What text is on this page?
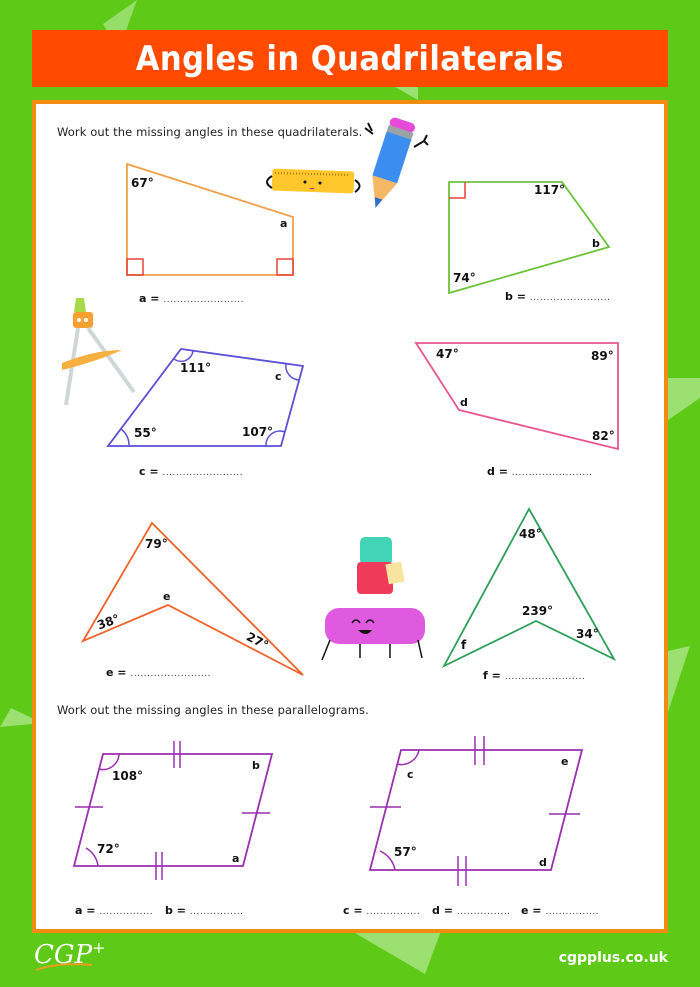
Angles in Quadrilaterals
Work out the missing angles in these quadrilaterals.
67°
a
a = ........................
117°
b
74°
b = ........................
111°
c
55°	107°
c = ........................
47°	89°
d
82°
d = ........................
79°
e
38°
27°
e = ........................
48°
239°
f
34°
f = ........................
Work out the missing angles in these parallelograms.
108°
b
72°
a
a = ................ b = ................
c
e
57°
d
c = ................ d = ................ e = ................
CGP+
cgpplus.co.uk
